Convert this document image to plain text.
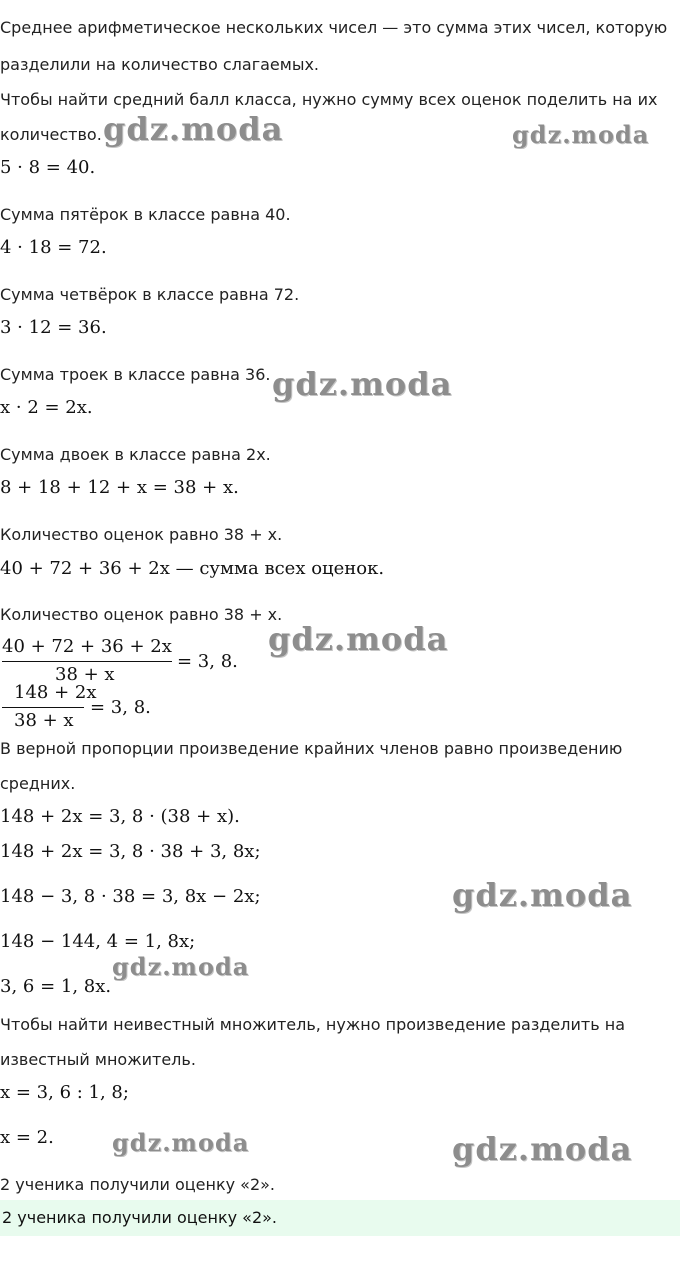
Среднее арифметическое нескольких чисел — это сумма этих чисел, которую
разделили на количество слагаемых.
Чтобы найти средний балл класса, нужно сумму всех оценок поделить на их
количество.
5 · 8 = 40.
Сумма пятёрок в классе равна 40.
4 · 18 = 72.
Сумма четвёрок в классе равна 72.
3 · 12 = 36.
Сумма троек в классе равна 36.
x · 2 = 2x.
Сумма двоек в классе равна 2x.
8 + 18 + 12 + x = 38 + x.
Количество оценок равно 38 + x.
40 + 72 + 36 + 2x — сумма всех оценок.
Количество оценок равно 38 + x.
40 + 72 + 36 + 2x
38 + x
= 3, 8.
148 + 2x
38 + x
= 3, 8.
В верной пропорции произведение крайних членов равно произведению
средних.
148 + 2x = 3, 8 · (38 + x).
148 + 2x = 3, 8 · 38 + 3, 8x;
148 − 3, 8 · 38 = 3, 8x − 2x;
148 − 144, 4 = 1, 8x;
3, 6 = 1, 8x.
Чтобы найти неивестный множитель, нужно произведение разделить на
известный множитель.
x = 3, 6 : 1, 8;
x = 2.
2 ученика получили оценку «2».
2 ученика получили оценку «2».
gdz.moda	gdz.moda
gdz.moda
gdz.moda
gdz.moda
gdz.moda
gdz.moda	gdz.moda
